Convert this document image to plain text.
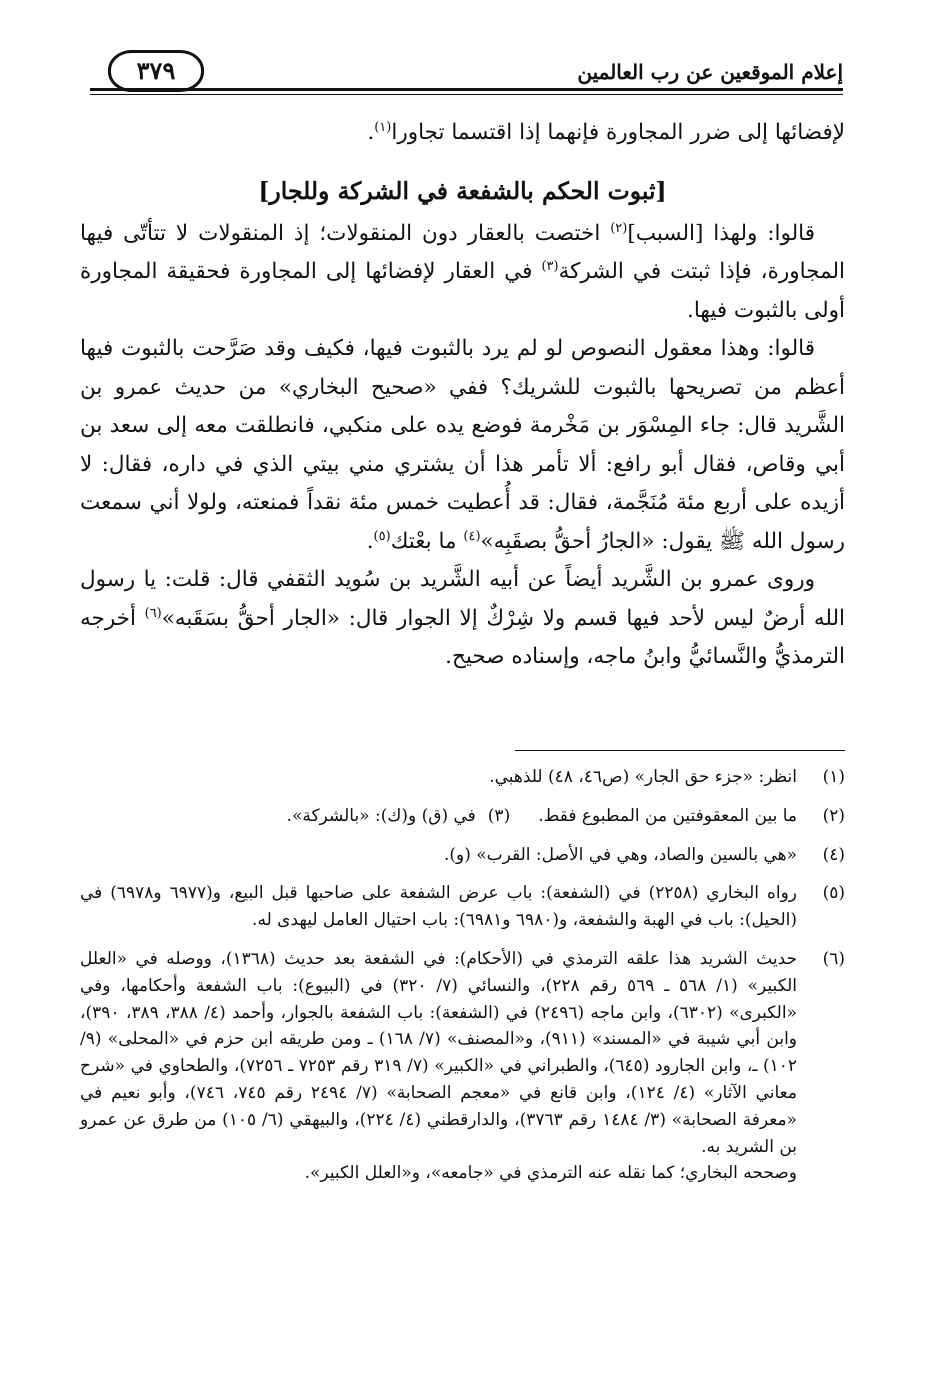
إعلام الموقعين عن رب العالمين
٣٧٩

لإفضائها إلى ضرر المجاورة فإنهما إذا اقتسما تجاورا$^{(١)}$.

[ثبوت الحكم بالشفعة في الشركة وللجار]

قالوا: ولهذا [السبب]$^{(٢)}$ اختصت بالعقار دون المنقولات؛ إذ المنقولات لا تتأتّى فيها المجاورة، فإذا ثبتت في الشركة$^{(٣)}$ في العقار لإفضائها إلى المجاورة فحقيقة المجاورة أولى بالثبوت فيها.

قالوا: وهذا معقول النصوص لو لم يرد بالثبوت فيها، فكيف وقد صَرَّحت بالثبوت فيها أعظم من تصريحها بالثبوت للشريك؟ ففي «صحيح البخاري» من حديث عمرو بن الشَّريد قال: جاء المِسْوَر بن مَخْرمة فوضع يده على منكبي، فانطلقت معه إلى سعد بن أبي وقاص، فقال أبو رافع: ألا تأمر هذا أن يشتري مني بيتي الذي في داره، فقال: لا أزيده على أربع مئة مُنَجَّمة، فقال: قد أُعطيت خمس مئة نقداً فمنعته، ولولا أني سمعت رسول الله ﷺ يقول: «الجارُ أحقُّ بصقَبِه»$^{(٤)}$ ما بعْتك$^{(٥)}$.

وروى عمرو بن الشَّريد أيضاً عن أبيه الشَّريد بن سُويد الثقفي قال: قلت: يا رسول الله أرضٌ ليس لأحد فيها قسم ولا شِرْكٌ إلا الجوار قال: «الجار أحقُّ بسَقَبه»$^{(٦)}$ أخرجه الترمذيُّ والنَّسائيُّ وابنُ ماجه، وإسناده صحيح.

(١)
انظر: «جزء حق الجار» (ص٤٦، ٤٨) للذهبي.
(٢)
ما بين المعقوفتين من المطبوع فقط.
(٣)
في (ق) و(ك): «بالشركة».
(٤)
«هي بالسين والصاد، وهي في الأصل: القرب» (و).
(٥)
رواه البخاري (٢٢٥٨) في (الشفعة): باب عرض الشفعة على صاحبها قبل البيع، و(٦٩٧٧ و٦٩٧٨) في (الحيل): باب في الهبة والشفعة، و(٦٩٨٠ و٦٩٨١): باب احتيال العامل ليهدى له.
(٦)
حديث الشريد هذا علقه الترمذي في (الأحكام): في الشفعة بعد حديث (١٣٦٨)، ووصله في «العلل الكبير» (١/ ٥٦٨ ـ ٥٦٩ رقم ٢٢٨)، والنسائي (٧/ ٣٢٠) في (البيوع): باب الشفعة وأحكامها، وفي «الكبرى» (٦٣٠٢)، وابن ماجه (٢٤٩٦) في (الشفعة): باب الشفعة بالجوار، وأحمد (٤/ ٣٨٨، ٣٨٩، ٣٩٠)، وابن أبي شيبة في «المسند» (٩١١)، و«المصنف» (٧/ ١٦٨) ـ ومن طريقه ابن حزم في «المحلى» (٩/ ١٠٢) ـ، وابن الجارود (٦٤٥)، والطبراني في «الكبير» (٧/ ٣١٩ رقم ٧٢٥٣ ـ ٧٢٥٦)، والطحاوي في «شرح معاني الآثار» (٤/ ١٢٤)، وابن قانع في «معجم الصحابة» (٧/ ٢٤٩٤ رقم ٧٤٥، ٧٤٦)، وأبو نعيم في «معرفة الصحابة» (٣/ ١٤٨٤ رقم ٣٧٦٣)، والدارقطني (٤/ ٢٢٤)، والبيهقي (٦/ ١٠٥) من طرق عن عمرو بن الشريد به.

وصححه البخاري؛ كما نقله عنه الترمذي في «جامعه»، و«العلل الكبير».
